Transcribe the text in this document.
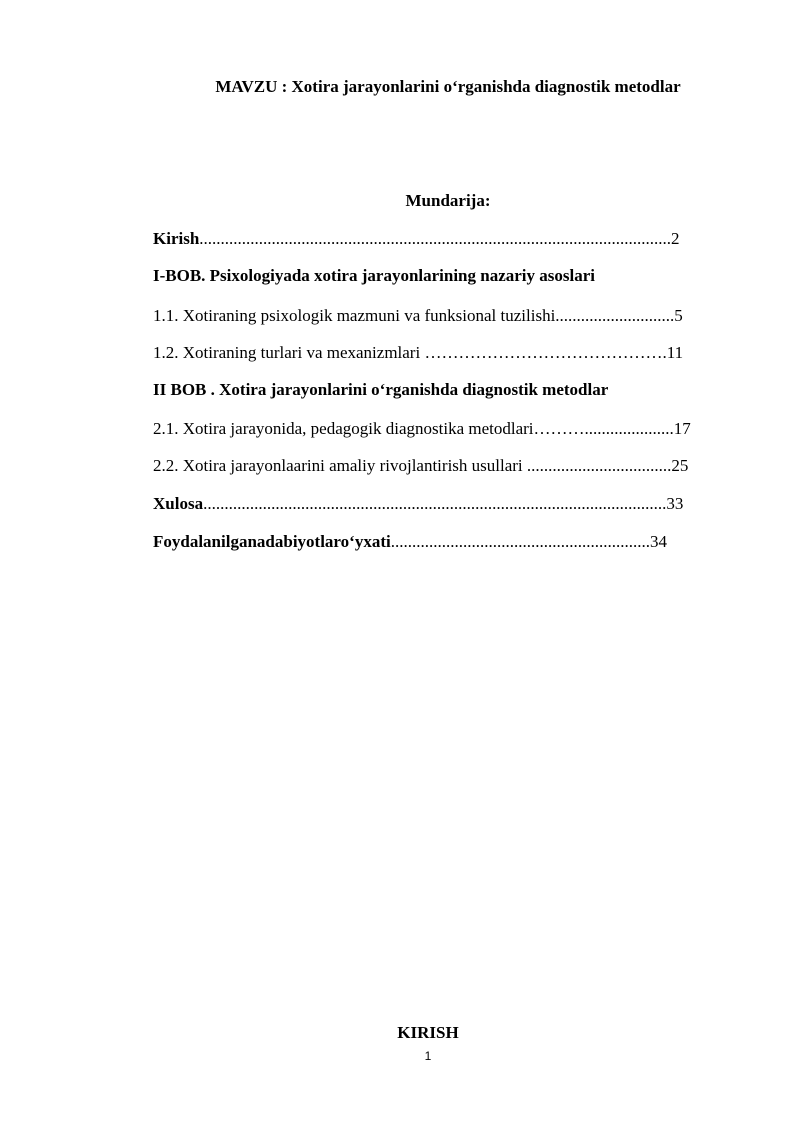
MAVZU : Xotira jarayonlarini o‘rganishda diagnostik metodlar
Mundarija:
Kirish...............................................................................................................2
I-BOB. Psixologiyada xotira jarayonlarining nazariy asoslari
1.1. Xotiraning psixologik mazmuni va funksional tuzilishi............................5
1.2. Xotiraning turlari va mexanizmlari …………………………………….11
II BOB . Xotira jarayonlarini o‘rganishda diagnostik metodlar
2.1. Xotira jarayonida, pedagogik diagnostika metodlari……….....................17
2.2. Xotira jarayonlaarini amaliy rivojlantirish usullari ..................................25
Xulosa.............................................................................................................33
Foydalanilganadabiyotlaro‘yxati.............................................................34
KIRISH
1
